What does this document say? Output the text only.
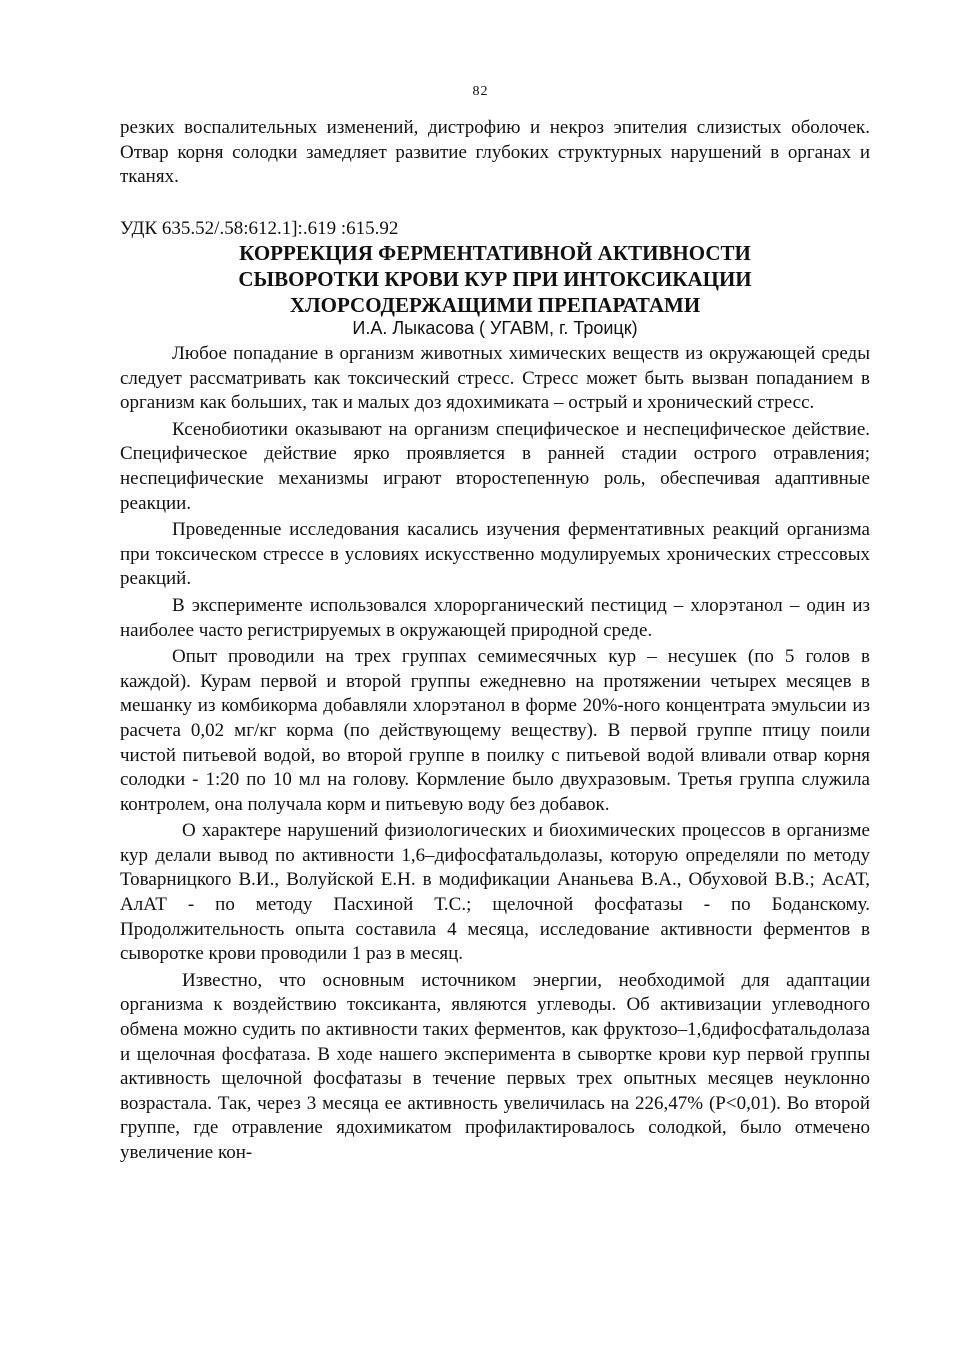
82
резких воспалительных изменений, дистрофию и некроз эпителия слизистых оболочек. Отвар корня солодки замедляет развитие глубоких структурных нарушений в органах и тканях.
УДК 635.52/.58:612.1]:.619 :615.92
КОРРЕКЦИЯ ФЕРМЕНТАТИВНОЙ АКТИВНОСТИ
СЫВОРОТКИ КРОВИ КУР ПРИ ИНТОКСИКАЦИИ
ХЛОРСОДЕРЖАЩИМИ ПРЕПАРАТАМИ
И.А. Лыкасова ( УГАВМ, г. Троицк)

Любое попадание в организм животных химических веществ из окружающей среды следует рассматривать как токсический стресс. Стресс может быть вызван попаданием в организм как больших, так и малых доз ядохимиката – острый и хронический стресс.

Ксенобиотики оказывают на организм специфическое и неспецифическое действие. Специфическое действие ярко проявляется в ранней стадии острого отравления; неспецифические механизмы играют второстепенную роль, обеспечивая адаптивные реакции.

Проведенные исследования касались изучения ферментативных реакций организма при токсическом стрессе в условиях искусственно модулируемых хронических стрессовых реакций.

В эксперименте использовался хлорорганический пестицид – хлорэтанол – один из наиболее часто регистрируемых в окружающей природной среде.

Опыт проводили на трех группах семимесячных кур – несушек (по 5 голов в каждой). Курам первой и второй группы ежедневно на протяжении четырех месяцев в мешанку из комбикорма добавляли хлорэтанол в форме 20%-ного концентрата эмульсии из расчета 0,02 мг/кг корма (по действующему веществу). В первой группе птицу поили чистой питьевой водой, во второй группе в поилку с питьевой водой вливали отвар корня солодки - 1:20 по 10 мл на голову. Кормление было двухразовым. Третья группа служила контролем, она получала корм и питьевую воду без добавок.

О характере нарушений физиологических и биохимических процессов в организме кур делали вывод по активности 1,6–дифосфатальдолазы, которую определяли по методу Товарницкого В.И., Волуйской Е.Н. в модификации Ананьева В.А., Обуховой В.В.; АсАТ, АлАТ - по методу Пасхиной Т.С.; щелочной фосфатазы - по Боданскому. Продолжительность опыта составила 4 месяца, исследование активности ферментов в сыворотке крови проводили 1 раз в месяц.

Известно, что основным источником энергии, необходимой для адаптации организма к воздействию токсиканта, являются углеводы. Об активизации углеводного обмена можно судить по активности таких ферментов, как фруктозо–1,6дифосфатальдолаза и щелочная фосфатаза. В ходе нашего эксперимента в сывортке крови кур первой группы активность щелочной фосфатазы в течение первых трех опытных месяцев неуклонно возрастала. Так, через 3 месяца ее активность увеличилась на 226,47% (Р<0,01). Во второй группе, где отравление ядохимикатом профилактировалось солодкой, было отмечено увеличение кон-
